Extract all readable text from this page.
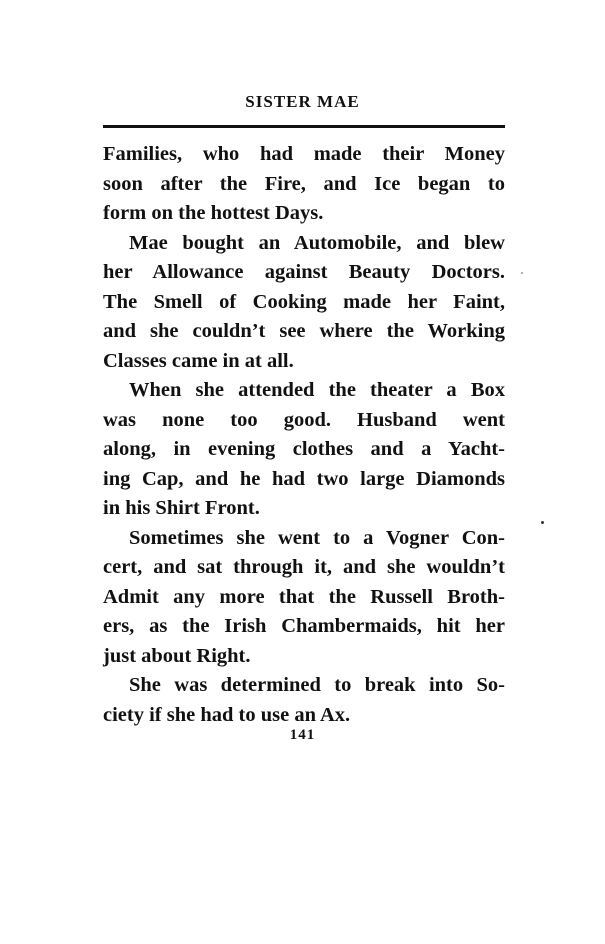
SISTER MAE
Families, who had made their Money
soon after the Fire, and Ice began to
form on the hottest Days.
Mae bought an Automobile, and blew
her Allowance against Beauty Doctors.
The Smell of Cooking made her Faint,
and she couldn’t see where the Working
Classes came in at all.
When she attended the theater a Box
was none too good. Husband went
along, in evening clothes and a Yacht-
ing Cap, and he had two large Diamonds
in his Shirt Front.
Sometimes she went to a Vogner Con-
cert, and sat through it, and she wouldn’t
Admit any more that the Russell Broth-
ers, as the Irish Chambermaids, hit her
just about Right.
She was determined to break into So-
ciety if she had to use an Ax.
141
